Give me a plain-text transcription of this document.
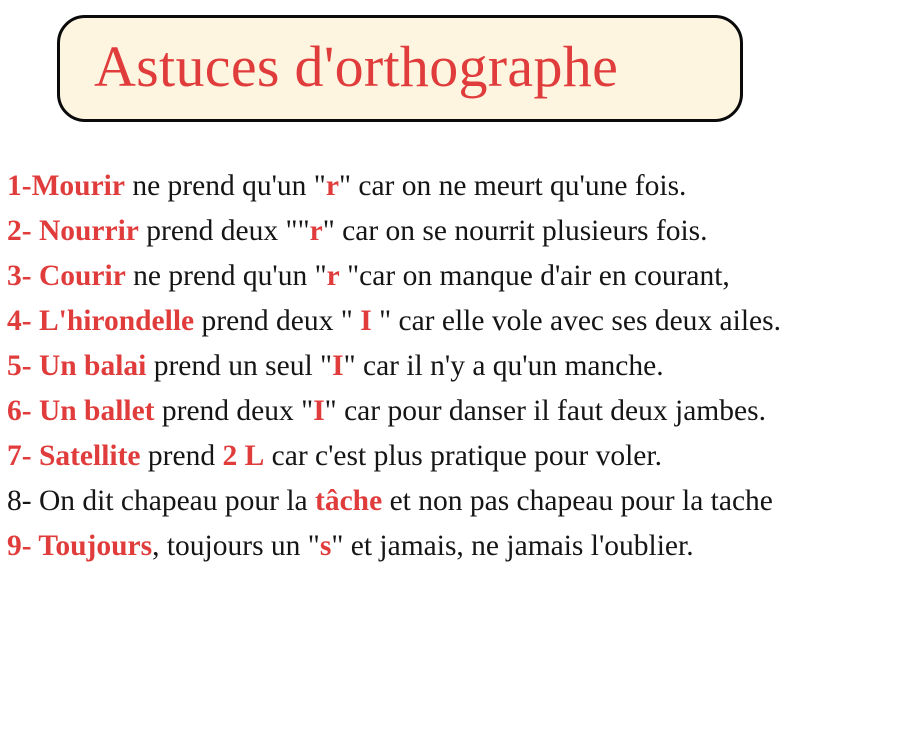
Astuces d'orthographe

1-Mourir ne prend qu'un "r" car on ne meurt qu'une fois.

2- Nourrir prend deux ""r" car on se nourrit plusieurs fois.

3- Courir ne prend qu'un "r "car on manque d'air en courant,

4- L'hirondelle prend deux " I " car elle vole avec ses deux ailes.

5- Un balai prend un seul "I" car il n'y a qu'un manche.

6- Un ballet prend deux "I" car pour danser il faut deux jambes.

7- Satellite prend 2 L car c'est plus pratique pour voler.

8- On dit chapeau pour la tâche et non pas chapeau pour la tache

9- Toujours, toujours un "s" et jamais, ne jamais l'oublier.
